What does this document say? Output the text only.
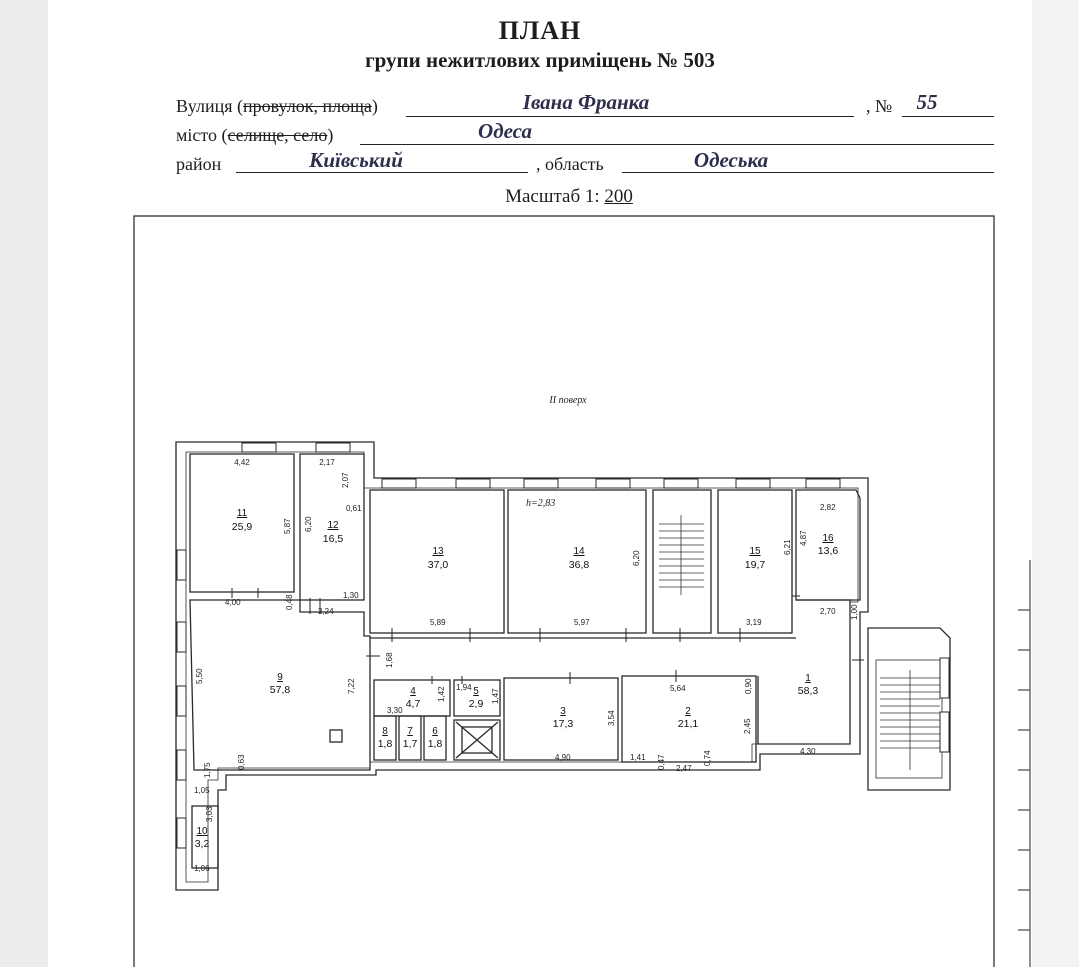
ПЛАН
групи нежитлових приміщень № 503
Вулиця (провулок, площа)	Івана Франка	, №	55
місто (селище, село)	Одеса
район	Київський	, область	Одеська
Масштаб 1: 200
ІІ поверх
h=2,83
1
58,3
2
21,1
3
17,3
4
4,7
5
2,9
6
1,8
7
1,7
8
1,8
9
57,8
10
3,2
11
25,9	12
16,5
13
37,0
14
36,8
15
19,7
16
13,6
4,42	2,17
2,07
0,61
5,87 6,20
1,30
0,48
3,24
4,00
5,89
6,20
5,97
6,21
4,87
2,82
3,19
2,70 1,00
1,68
7,22
5,50
1,42	1,47
1,94
3,30	3,54
4,90
5,64	0,90
2,45
1,41 0,47 2,47
0,74	4,30
0,63
1,75
1,05
3,03
1,06
